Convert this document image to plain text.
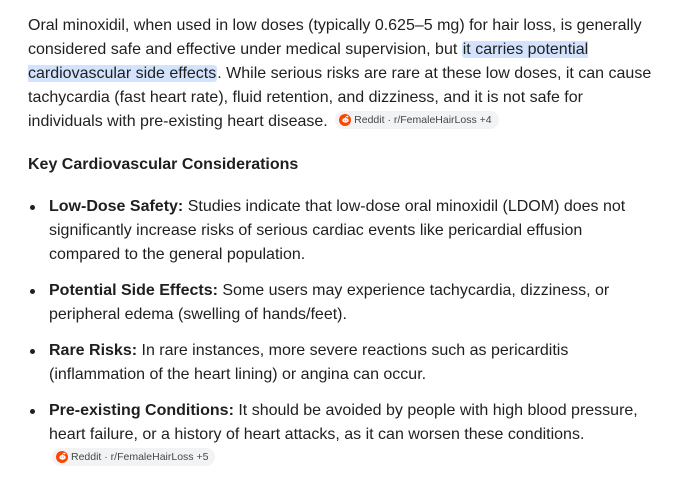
Oral minoxidil, when used in low doses (typically 0.625–5 mg) for hair loss, is generally considered safe and effective under medical supervision, but it carries potential cardiovascular side effects. While serious risks are rare at these low doses, it can cause tachycardia (fast heart rate), fluid retention, and dizziness, and it is not safe for individuals with pre-existing heart disease.	Reddit · r/FemaleHairLoss +4

Key Cardiovascular Considerations

Low-Dose Safety: Studies indicate that low-dose oral minoxidil (LDOM) does not significantly increase risks of serious cardiac events like pericardial effusion compared to the general population.
Potential Side Effects: Some users may experience tachycardia, dizziness, or peripheral edema (swelling of hands/feet).
Rare Risks: In rare instances, more severe reactions such as pericarditis (inflammation of the heart lining) or angina can occur.
Pre-existing Conditions: It should be avoided by people with high blood pressure, heart failure, or a history of heart attacks, as it can worsen these conditions.
Reddit · r/FemaleHairLoss +5
